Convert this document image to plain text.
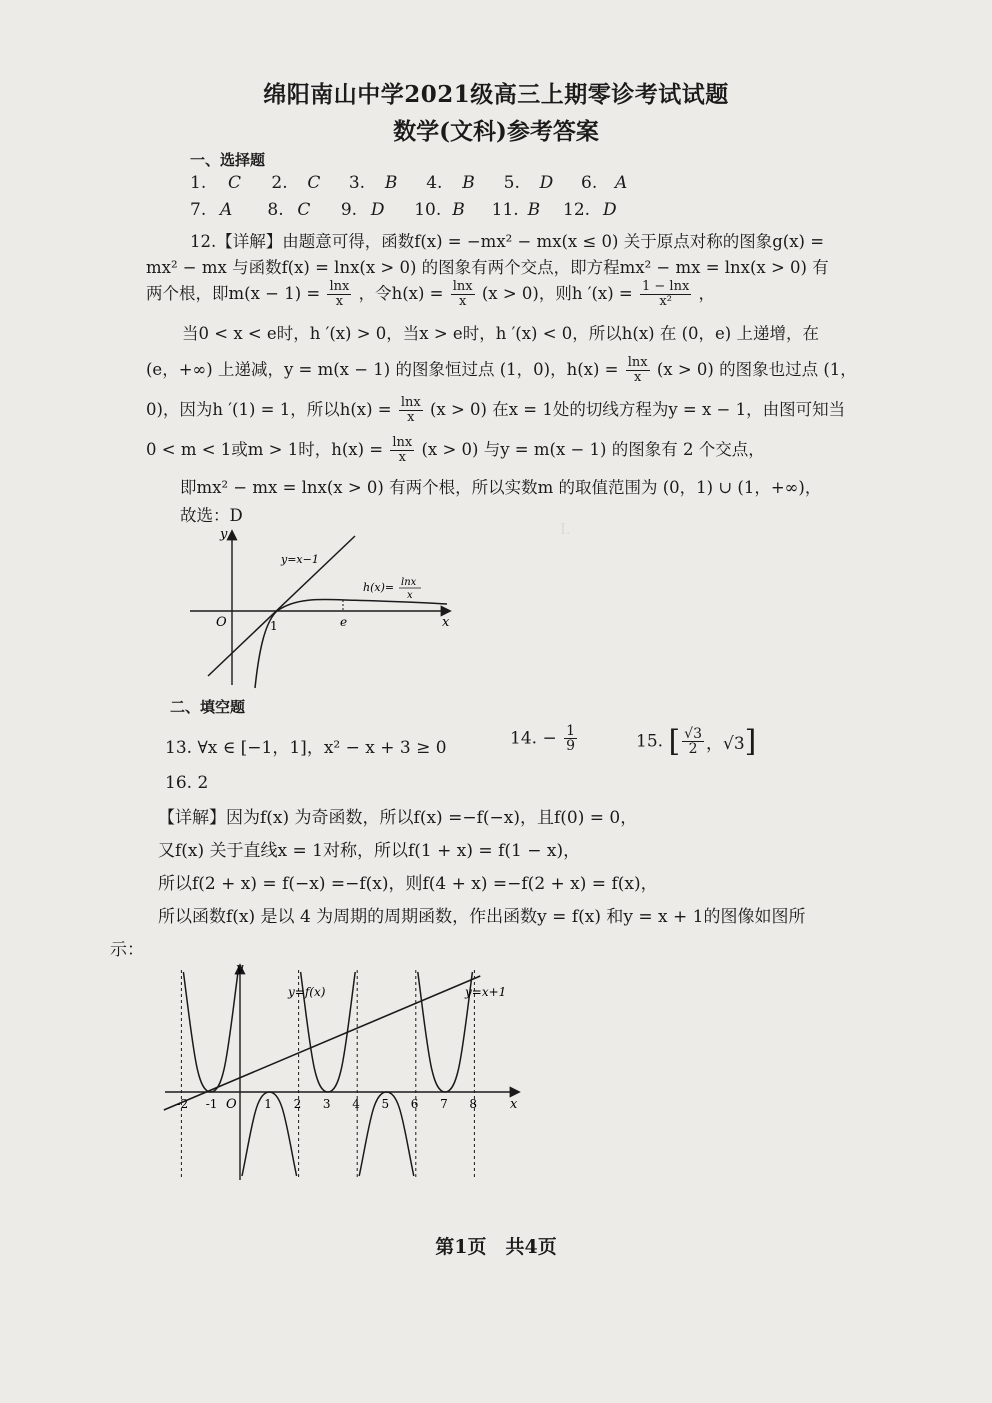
绵阳南山中学2021级高三上期零诊考试试题
数学(文科)参考答案
一、选择题
1. C 2. C 3. B 4. B 5. D 6. A
7. A 8. C 9. D 10. B 11. B 12. D
12.【详解】由题意可得，函数f(x) = −mx² − mx(x ≤ 0) 关于原点对称的图象g(x) =
mx² − mx 与函数f(x) = lnx(x > 0) 的图象有两个交点，即方程mx² − mx = lnx(x > 0) 有
两个根，即$m(x - 1) = \frac{\ln x}{x}$ ，令$h(x) = \frac{\ln x}{x} (x > 0)$，则h $'(x) = \frac{1 - \ln x}{\text{x²}}$ ，
当0 < x < e时，h ′(x) > 0，当x > e时，h ′(x) < 0，所以h(x) 在 (0，e) 上递增，在
(e，+∞) 上递减，y = m(x − 1) 的图象恒过点 (1，0)，$h(x) = \frac{\ln x}{x} (x > 0)$ 的图象也过点 (1，
0)，因为h ′(1) = 1，所以$h(x) = \frac{\ln x}{x} (x > 0)$ 在x = 1处的切线方程为y = x − 1，由图可知当
0 < m < 1或m > 1时，$h(x) = \frac{\ln x}{x} (x > 0)$ 与y = m(x − 1) 的图象有 2 个交点，
即mx² − mx = lnx(x > 0) 有两个根，所以实数m 的取值范围为 (0，1) ∪ (1，+∞)，
故选：D
y
x
O	1	e
y=x−1
h(x)= lnx
x
二、填空题
13. ∀x ∈ [−1，1]，x² − x + 3 ≥ 0	14. − $\frac{1}{9}$	15. [ $\frac{√3}{2}$ ，√3]
16. 2
【详解】因为f(x) 为奇函数，所以f(x) =−f(−x)，且f(0) = 0，
又f(x) 关于直线x = 1对称，所以f(1 + x) = f(1 − x)，
所以f(2 + x) = f(−x) =−f(x)，则f(4 + x) =−f(2 + x) = f(x)，
所以函数f(x) 是以 4 为周期的周期函数，作出函数y = f(x) 和y = x + 1的图像如图所
示：
y
x
O
y=f(x)	y=x+1
-2 -1	1 2 3 4 5 6 7 8
第1页　共4页
I.
